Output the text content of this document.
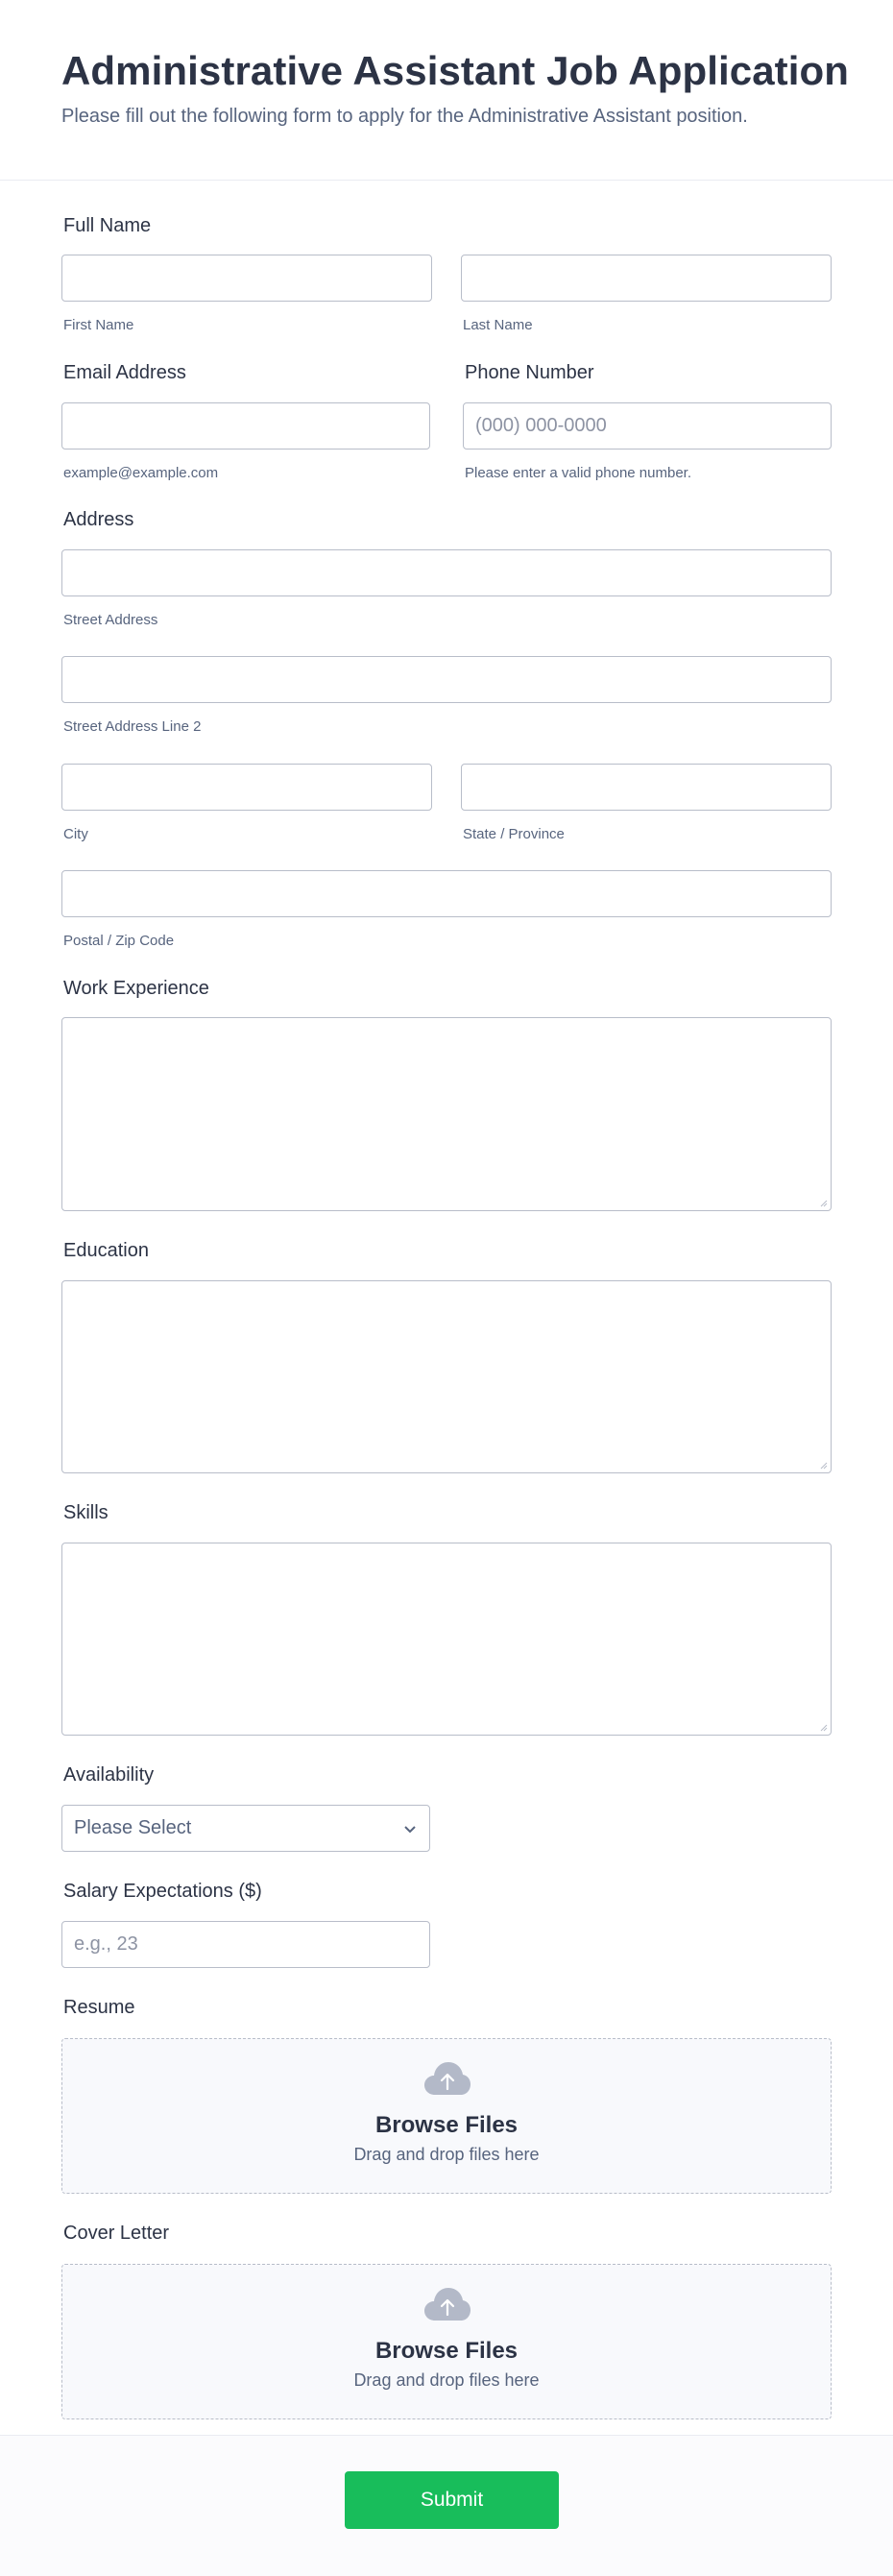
Administrative Assistant Job Application

Please fill out the following form to apply for the Administrative Assistant position.

Full Name
First Name	Last Name
Email Address	Phone Number
(000) 000-0000
example@example.com	Please enter a valid phone number.
Address
Street Address
Street Address Line 2
City	State / Province
Postal / Zip Code
Work Experience
Education
Skills
Availability
Please Select
Salary Expectations ($)
e.g., 23
Resume
Browse Files
Drag and drop files here
Cover Letter
Browse Files
Drag and drop files here
Submit
